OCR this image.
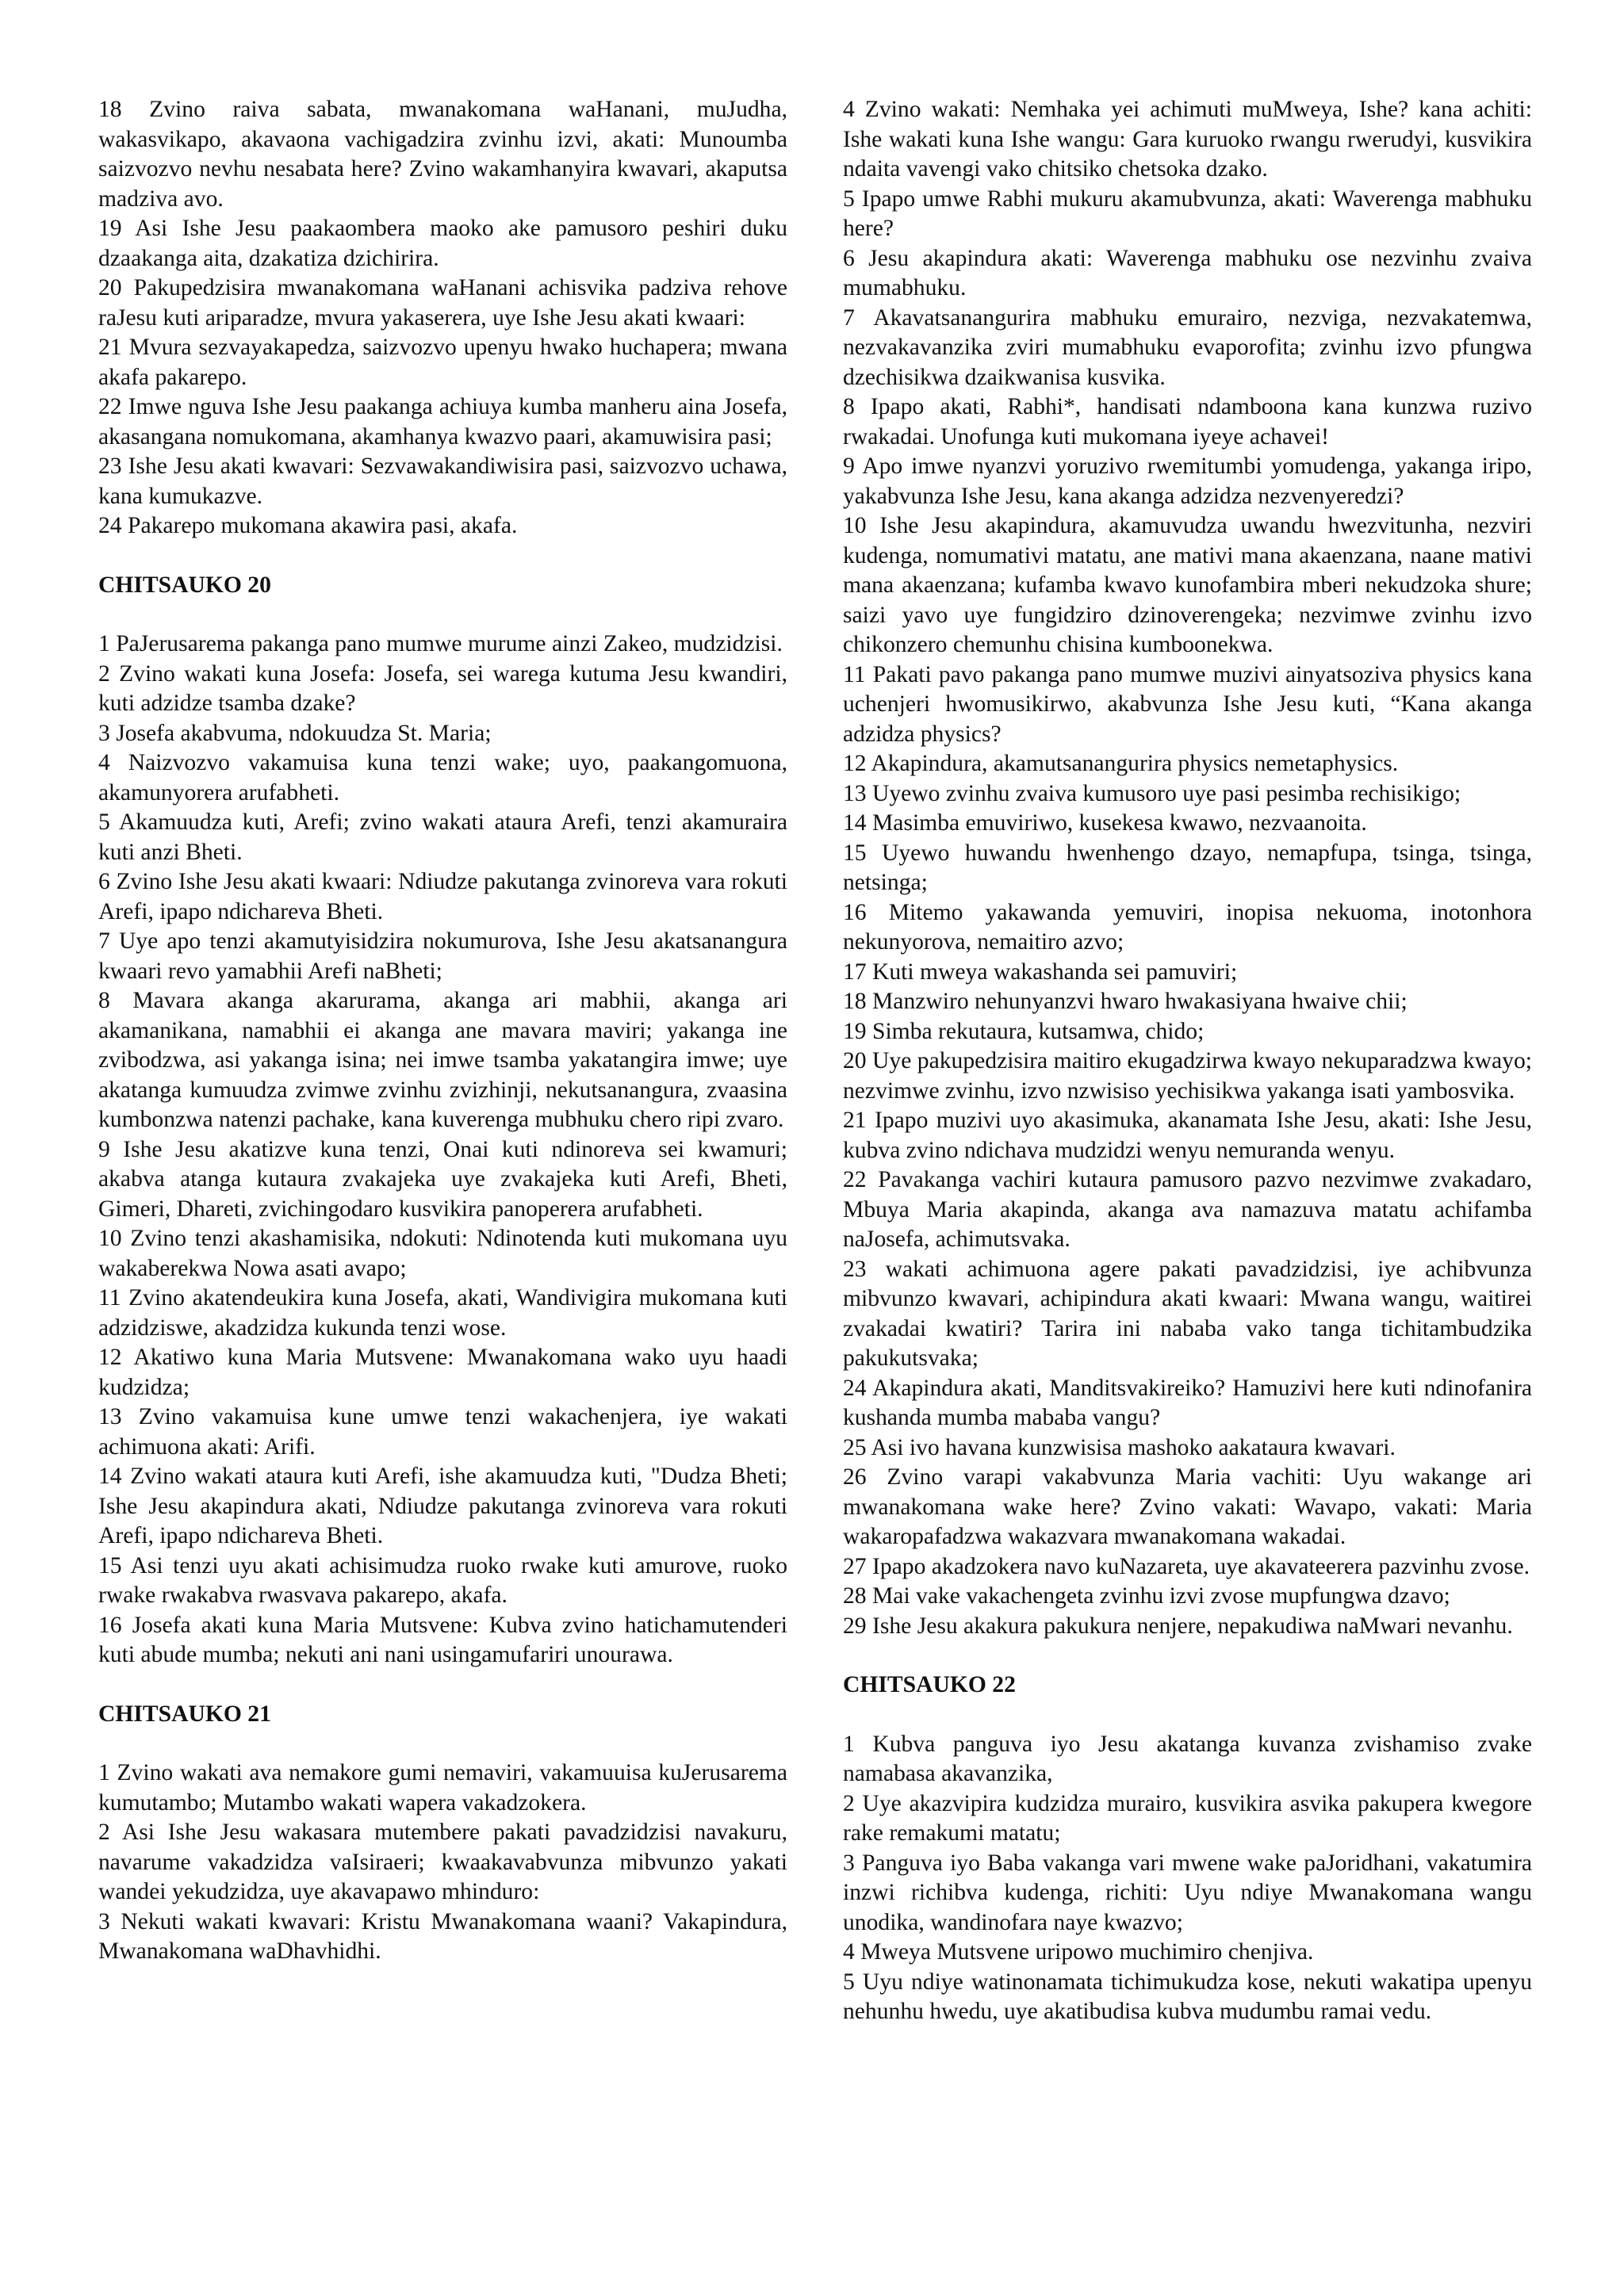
18 Zvino raiva sabata, mwanakomana waHanani, muJudha, wakasvikapo, akavaona vachigadzira zvinhu izvi, akati: Munoumba saizvozvo nevhu nesabata here? Zvino wakamhanyira kwavari, akaputsa madziva avo.

19 Asi Ishe Jesu paakaombera maoko ake pamusoro peshiri duku dzaakanga aita, dzakatiza dzichirira.

20 Pakupedzisira mwanakomana waHanani achisvika padziva rehove raJesu kuti ariparadze, mvura yakaserera, uye Ishe Jesu akati kwaari:

21 Mvura sezvayakapedza, saizvozvo upenyu hwako huchapera; mwana akafa pakarepo.

22 Imwe nguva Ishe Jesu paakanga achiuya kumba manheru aina Josefa, akasangana nomukomana, akamhanya kwazvo paari, akamuwisira pasi;

23 Ishe Jesu akati kwavari: Sezvawakandiwisira pasi, saizvozvo uchawa, kana kumukazve.

24 Pakarepo mukomana akawira pasi, akafa.

CHITSAUKO 20

1 PaJerusarema pakanga pano mumwe murume ainzi Zakeo, mudzidzisi.

2 Zvino wakati kuna Josefa: Josefa, sei warega kutuma Jesu kwandiri, kuti adzidze tsamba dzake?

3 Josefa akabvuma, ndokuudza St. Maria;

4 Naizvozvo vakamuisa kuna tenzi wake; uyo, paakangomuona, akamunyorera arufabheti.

5 Akamuudza kuti, Arefi; zvino wakati ataura Arefi, tenzi akamuraira kuti anzi Bheti.

6 Zvino Ishe Jesu akati kwaari: Ndiudze pakutanga zvinoreva vara rokuti Arefi, ipapo ndichareva Bheti.

7 Uye apo tenzi akamutyisidzira nokumurova, Ishe Jesu akatsanangura kwaari revo yamabhii Arefi naBheti;

8 Mavara akanga akarurama, akanga ari mabhii, akanga ari akamanikana, namabhii ei akanga ane mavara maviri; yakanga ine zvibodzwa, asi yakanga isina; nei imwe tsamba yakatangira imwe; uye akatanga kumuudza zvimwe zvinhu zvizhinji, nekutsanangura, zvaasina kumbonzwa natenzi pachake, kana kuverenga mubhuku chero ripi zvaro.

9 Ishe Jesu akatizve kuna tenzi, Onai kuti ndinoreva sei kwamuri; akabva atanga kutaura zvakajeka uye zvakajeka kuti Arefi, Bheti, Gimeri, Dhareti, zvichingodaro kusvikira panoperera arufabheti.

10 Zvino tenzi akashamisika, ndokuti: Ndinotenda kuti mukomana uyu wakaberekwa Nowa asati avapo;

11 Zvino akatendeukira kuna Josefa, akati, Wandivigira mukomana kuti adzidziswe, akadzidza kukunda tenzi wose.

12 Akatiwo kuna Maria Mutsvene: Mwanakomana wako uyu haadi kudzidza;

13 Zvino vakamuisa kune umwe tenzi wakachenjera, iye wakati achimuona akati: Arifi.

14 Zvino wakati ataura kuti Arefi, ishe akamuudza kuti, "Dudza Bheti; Ishe Jesu akapindura akati, Ndiudze pakutanga zvinoreva vara rokuti Arefi, ipapo ndichareva Bheti.

15 Asi tenzi uyu akati achisimudza ruoko rwake kuti amurove, ruoko rwake rwakabva rwasvava pakarepo, akafa.

16 Josefa akati kuna Maria Mutsvene: Kubva zvino hatichamutenderi kuti abude mumba; nekuti ani nani usingamufariri unourawa.

CHITSAUKO 21

1 Zvino wakati ava nemakore gumi nemaviri, vakamuuisa kuJerusarema kumutambo; Mutambo wakati wapera vakadzokera.

2 Asi Ishe Jesu wakasara mutembere pakati pavadzidzisi navakuru, navarume vakadzidza vaIsiraeri; kwaakavabvunza mibvunzo yakati wandei yekudzidza, uye akavapawo mhinduro:

3 Nekuti wakati kwavari: Kristu Mwanakomana waani? Vakapindura, Mwanakomana waDhavhidhi.

4 Zvino wakati: Nemhaka yei achimuti muMweya, Ishe? kana achiti: Ishe wakati kuna Ishe wangu: Gara kuruoko rwangu rwerudyi, kusvikira ndaita vavengi vako chitsiko chetsoka dzako.

5 Ipapo umwe Rabhi mukuru akamubvunza, akati: Waverenga mabhuku here?

6 Jesu akapindura akati: Waverenga mabhuku ose nezvinhu zvaiva mumabhuku.

7 Akavatsanangurira mabhuku emurairo, nezviga, nezvakatemwa, nezvakavanzika zviri mumabhuku evaporofita; zvinhu izvo pfungwa dzechisikwa dzaikwanisa kusvika.

8 Ipapo akati, Rabhi*, handisati ndamboona kana kunzwa ruzivo rwakadai. Unofunga kuti mukomana iyeye achavei!

9 Apo imwe nyanzvi yoruzivo rwemitumbi yomudenga, yakanga iripo, yakabvunza Ishe Jesu, kana akanga adzidza nezvenyeredzi?

10 Ishe Jesu akapindura, akamuvudza uwandu hwezvitunha, nezviri kudenga, nomumativi matatu, ane mativi mana akaenzana, naane mativi mana akaenzana; kufamba kwavo kunofambira mberi nekudzoka shure; saizi yavo uye fungidziro dzinoverengeka; nezvimwe zvinhu izvo chikonzero chemunhu chisina kumboonekwa.

11 Pakati pavo pakanga pano mumwe muzivi ainyatsoziva physics kana uchenjeri hwomusikirwo, akabvunza Ishe Jesu kuti, “Kana akanga adzidza physics?

12 Akapindura, akamutsanangurira physics nemetaphysics.

13 Uyewo zvinhu zvaiva kumusoro uye pasi pesimba rechisikigo;

14 Masimba emuviriwo, kusekesa kwawo, nezvaanoita.

15 Uyewo huwandu hwenhengo dzayo, nemapfupa, tsinga, tsinga, netsinga;

16 Mitemo yakawanda yemuviri, inopisa nekuoma, inotonhora nekunyorova, nemaitiro azvo;

17 Kuti mweya wakashanda sei pamuviri;

18 Manzwiro nehunyanzvi hwaro hwakasiyana hwaive chii;

19 Simba rekutaura, kutsamwa, chido;

20 Uye pakupedzisira maitiro ekugadzirwa kwayo nekuparadzwa kwayo; nezvimwe zvinhu, izvo nzwisiso yechisikwa yakanga isati yambosvika.

21 Ipapo muzivi uyo akasimuka, akanamata Ishe Jesu, akati: Ishe Jesu, kubva zvino ndichava mudzidzi wenyu nemuranda wenyu.

22 Pavakanga vachiri kutaura pamusoro pazvo nezvimwe zvakadaro, Mbuya Maria akapinda, akanga ava namazuva matatu achifamba naJosefa, achimutsvaka.

23 wakati achimuona agere pakati pavadzidzisi, iye achibvunza mibvunzo kwavari, achipindura akati kwaari: Mwana wangu, waitirei zvakadai kwatiri? Tarira ini nababa vako tanga tichitambudzika pakukutsvaka;

24 Akapindura akati, Manditsvakireiko? Hamuzivi here kuti ndinofanira kushanda mumba mababa vangu?

25 Asi ivo havana kunzwisisa mashoko aakataura kwavari.

26 Zvino varapi vakabvunza Maria vachiti: Uyu wakange ari mwanakomana wake here? Zvino vakati: Wavapo, vakati: Maria wakaropafadzwa wakazvara mwanakomana wakadai.

27 Ipapo akadzokera navo kuNazareta, uye akavateerera pazvinhu zvose.

28 Mai vake vakachengeta zvinhu izvi zvose mupfungwa dzavo;

29 Ishe Jesu akakura pakukura nenjere, nepakudiwa naMwari nevanhu.

CHITSAUKO 22

1 Kubva panguva iyo Jesu akatanga kuvanza zvishamiso zvake namabasa akavanzika,

2 Uye akazvipira kudzidza murairo, kusvikira asvika pakupera kwegore rake remakumi matatu;

3 Panguva iyo Baba vakanga vari mwene wake paJoridhani, vakatumira inzwi richibva kudenga, richiti: Uyu ndiye Mwanakomana wangu unodika, wandinofara naye kwazvo;

4 Mweya Mutsvene uripowo muchimiro chenjiva.

5 Uyu ndiye watinonamata tichimukudza kose, nekuti wakatipa upenyu nehunhu hwedu, uye akatibudisa kubva mudumbu ramai vedu.
